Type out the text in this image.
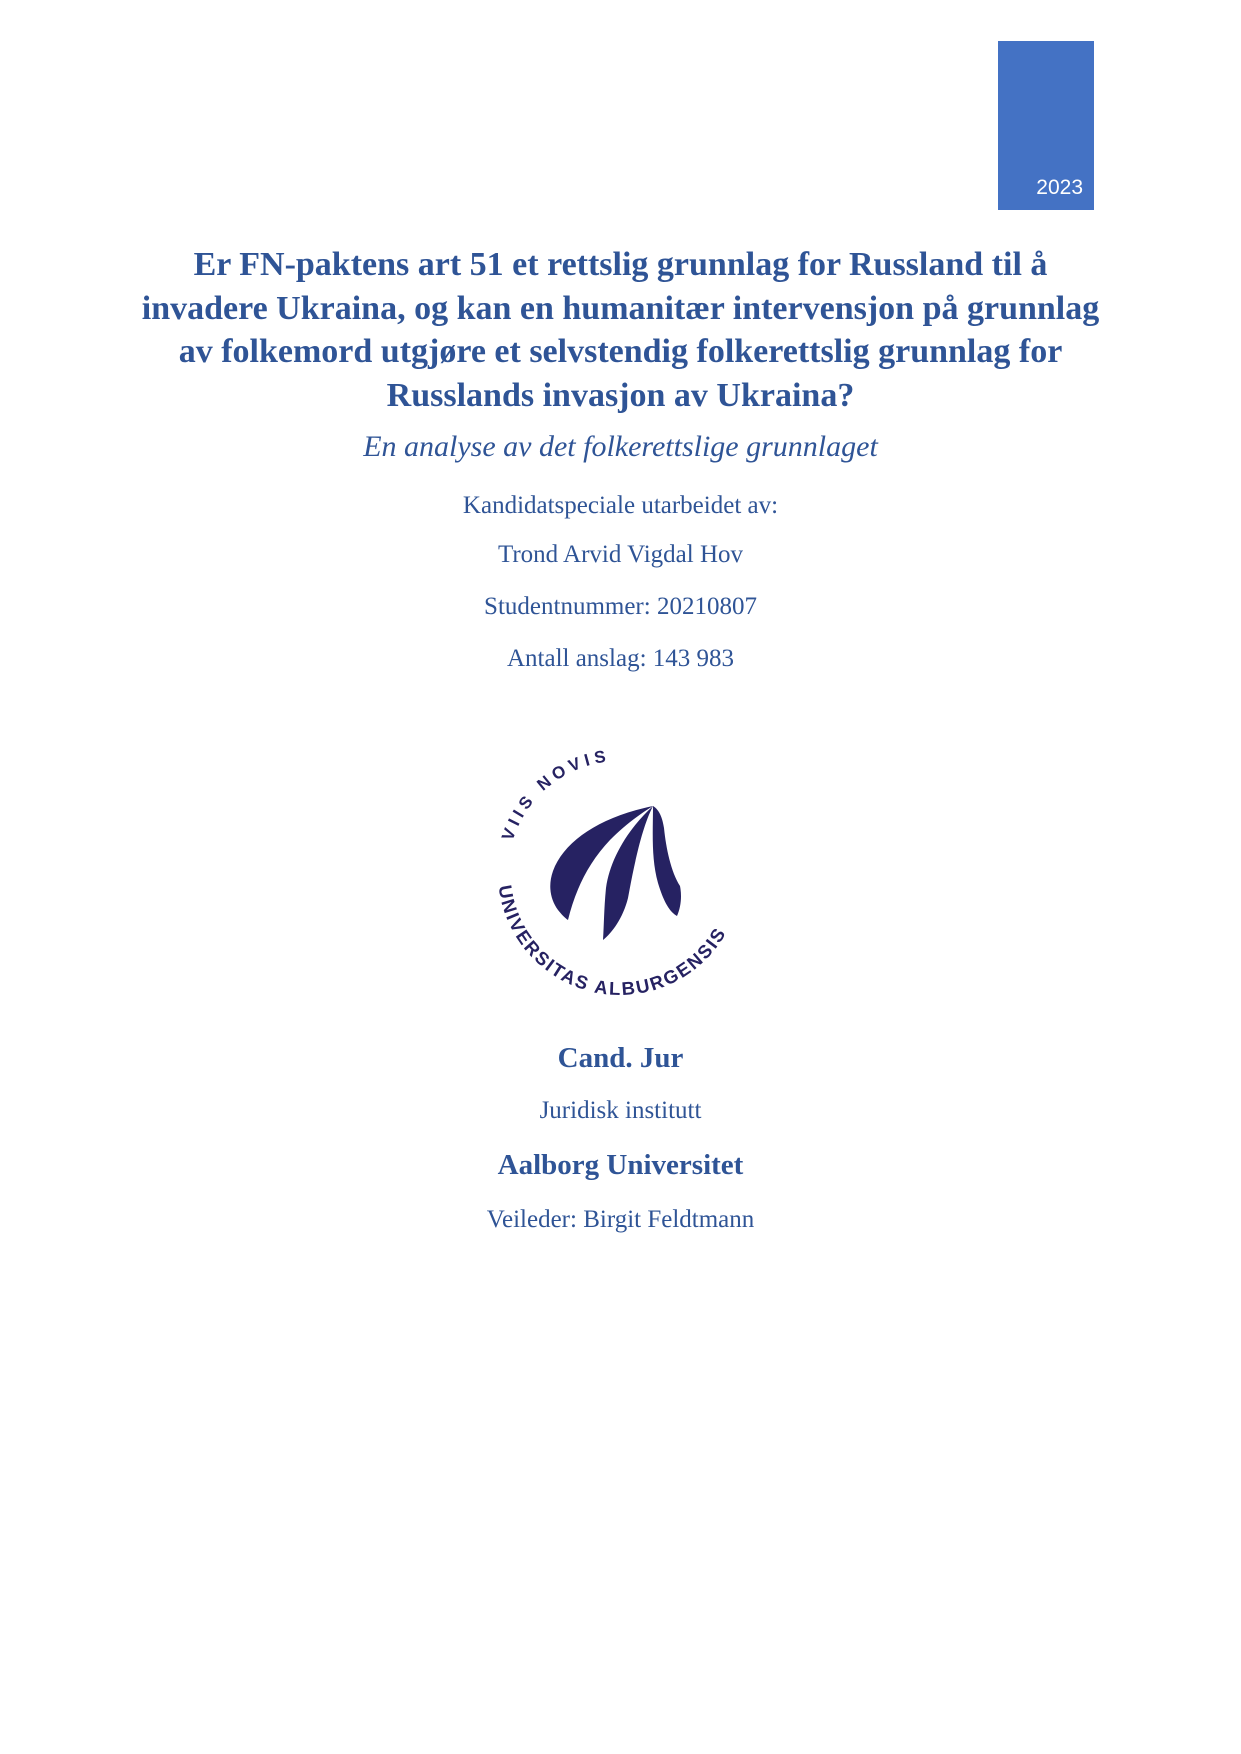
2023
Er FN-paktens art 51 et rettslig grunnlag for Russland til å
invadere Ukraina, og kan en humanitær intervensjon på grunnlag
av folkemord utgjøre et selvstendig folkerettslig grunnlag for
Russlands invasjon av Ukraina?
En analyse av det folkerettslige grunnlaget
Kandidatspeciale utarbeidet av:
Trond Arvid Vigdal Hov
Studentnummer: 20210807
Antall anslag: 143 983
VIIS NOVIS
UNIVERSITAS ALBURGENSIS
Cand. Jur
Juridisk institutt
Aalborg Universitet
Veileder: Birgit Feldtmann
